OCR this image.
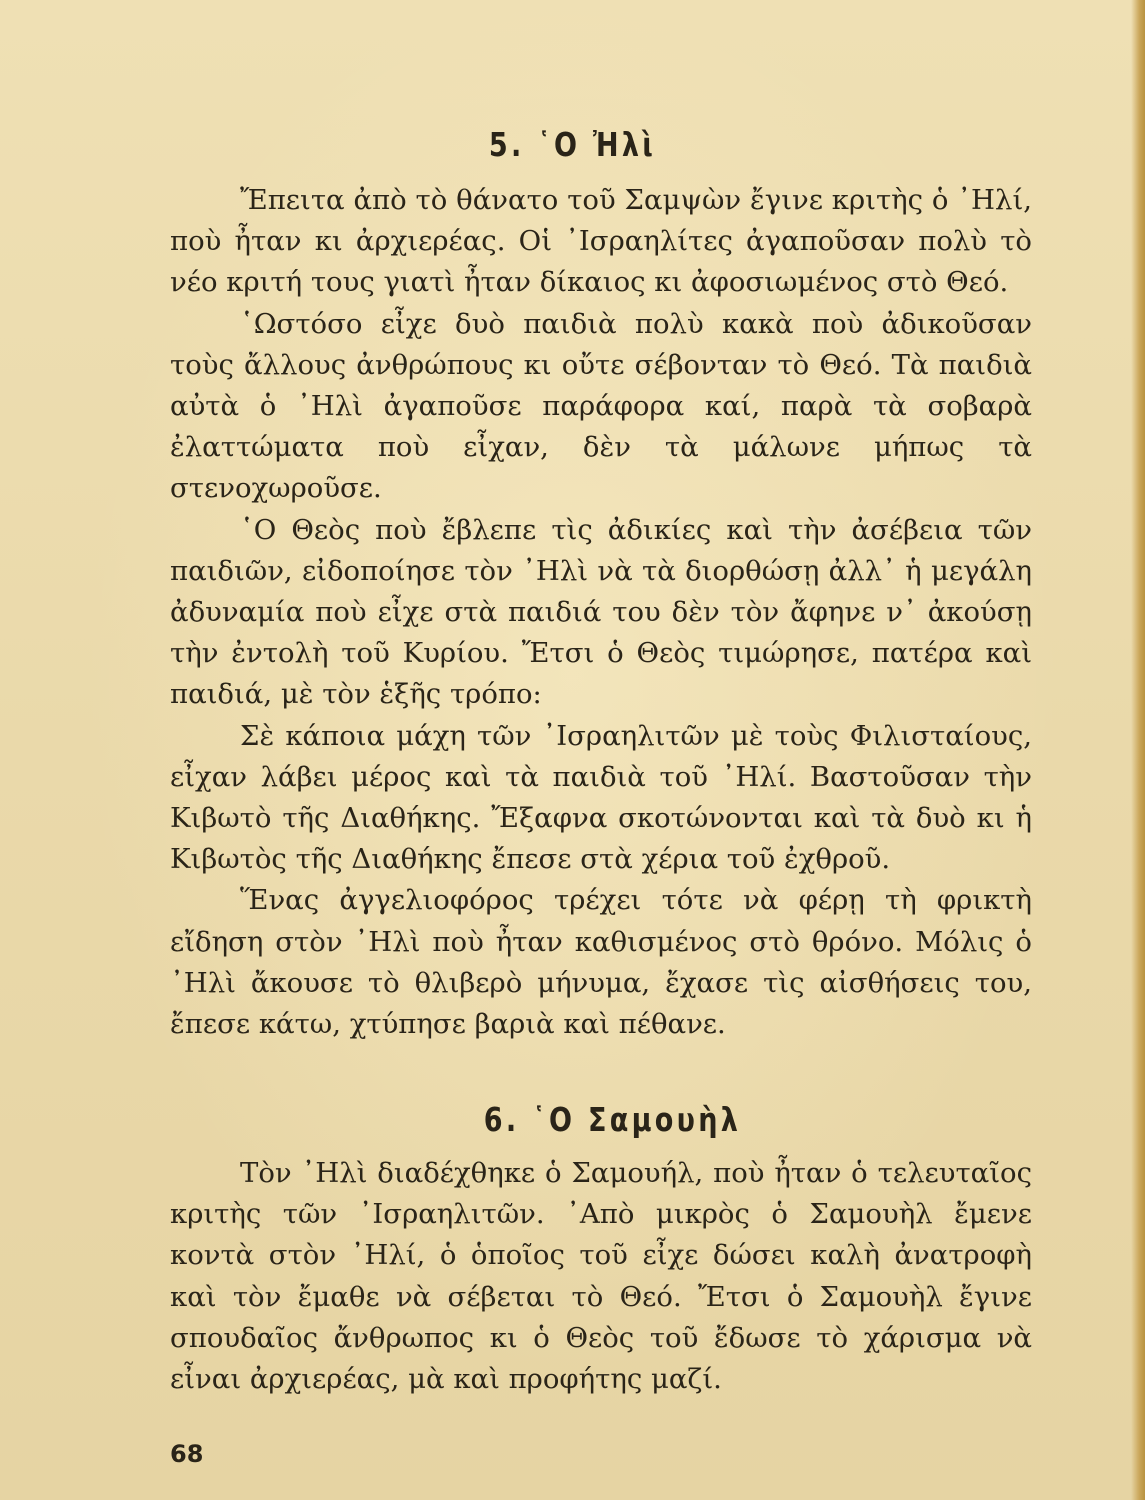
5. ῾Ο Ἠλὶ

Ἔπειτα ἀπὸ τὸ θάνατο τοῦ Σαμψὼν ἔγινε κριτὴς ὁ ᾿Ηλί, ποὺ ἦταν κι ἀρχιερέας. Οἱ ᾿Ισραηλίτες ἀγαποῦσαν πολὺ τὸ νέο κριτή τους γιατὶ ἦταν δίκαιος κι ἀφοσιωμένος στὸ Θεό.

῾Ωστόσο εἶχε δυὸ παιδιὰ πολὺ κακὰ ποὺ ἀδικοῦσαν τοὺς ἄλλους ἀνθρώπους κι οὔτε σέβονταν τὸ Θεό. Τὰ παιδιὰ αὐτὰ ὁ ᾿Ηλὶ ἀγαποῦσε παράφορα καί, παρὰ τὰ σοβαρὰ ἐλαττώματα ποὺ εἶχαν, δὲν τὰ μάλωνε μήπως τὰ στενοχωροῦσε.

῾Ο Θεὸς ποὺ ἔβλεπε τὶς ἀδικίες καὶ τὴν ἀσέβεια τῶν παιδιῶν, εἰδοποίησε τὸν ᾿Ηλὶ νὰ τὰ διορθώσῃ ἀλλ᾿ ἡ μεγάλη ἀδυναμία ποὺ εἶχε στὰ παιδιά του δὲν τὸν ἄφηνε ν᾿ ἀκούσῃ τὴν ἐντολὴ τοῦ Κυρίου. Ἔτσι ὁ Θεὸς τιμώρησε, πατέρα καὶ παιδιά, μὲ τὸν ἑξῆς τρόπο:

Σὲ κάποια μάχη τῶν ᾿Ισραηλιτῶν μὲ τοὺς Φιλισταίους, εἶχαν λάβει μέρος καὶ τὰ παιδιὰ τοῦ ᾿Ηλί. Βαστοῦσαν τὴν Κιβωτὸ τῆς Διαθήκης. Ἔξαφνα σκοτώνονται καὶ τὰ δυὸ κι ἡ Κιβωτὸς τῆς Διαθήκης ἔπεσε στὰ χέρια τοῦ ἐχθροῦ.

Ἕνας ἀγγελιοφόρος τρέχει τότε νὰ φέρῃ τὴ φρικτὴ εἴδηση στὸν ᾿Ηλὶ ποὺ ἦταν καθισμένος στὸ θρόνο. Μόλις ὁ ᾿Ηλὶ ἄκουσε τὸ θλιβερὸ μήνυμα, ἔχασε τὶς αἰσθήσεις του, ἔπεσε κάτω, χτύπησε βαριὰ καὶ πέθανε.

6. ῾Ο Σαμουὴλ

Τὸν ᾿Ηλὶ διαδέχθηκε ὁ Σαμουήλ, ποὺ ἦταν ὁ τελευταῖος κριτὴς τῶν ᾿Ισραηλιτῶν. ᾿Απὸ μικρὸς ὁ Σαμουὴλ ἔμενε κοντὰ στὸν ᾿Ηλί, ὁ ὁποῖος τοῦ εἶχε δώσει καλὴ ἀνατροφὴ καὶ τὸν ἔμαθε νὰ σέβεται τὸ Θεό. Ἔτσι ὁ Σαμουὴλ ἔγινε σπουδαῖος ἄνθρωπος κι ὁ Θεὸς τοῦ ἔδωσε τὸ χάρισμα νὰ εἶναι ἀρχιερέας, μὰ καὶ προφήτης μαζί.

68
